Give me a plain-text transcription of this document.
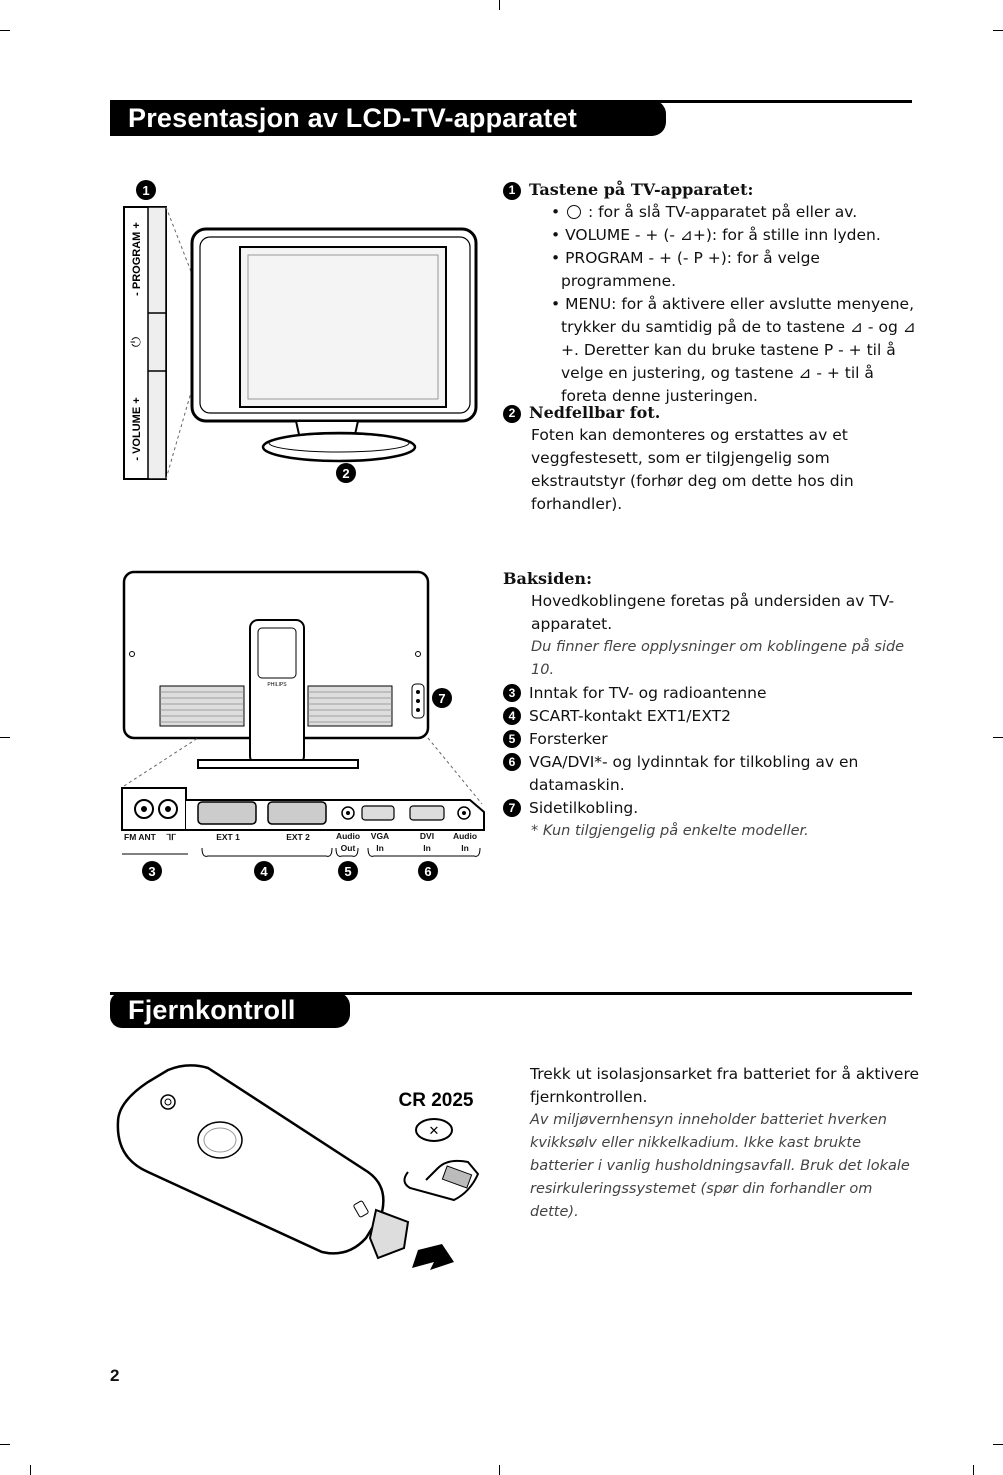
Presentasjon av LCD-TV-apparatet
1
- PROGRAM +
⏻
- VOLUME +
2
1 Tastene på TV-apparatet:
•  : for å slå TV-apparatet på eller av.
• VOLUME - + (- ⊿+): for å stille inn lyden.
• PROGRAM - + (- P +): for å velge programmene.
• MENU: for å aktivere eller avslutte menyene, trykker du samtidig på de to tastene ⊿ - og ⊿ +. Deretter kan du bruke tastene P - + til å velge en justering, og tastene ⊿ - + til å foreta denne justeringen.
2 Nedfellbar fot.
Foten kan demonteres og erstattes av et veggfestesett, som er tilgjengelig som ekstrautstyr (forhør deg om dette hos din forhandler).
PHILIPS
7
FM ANT ᒣᒥ	EXT 1	EXT 2	Audio
Out
VGA
In
DVI
In
Audio
In
3	4	5	6
Baksiden:
Hovedkoblingene foretas på undersiden av TV-apparatet.
Du finner flere opplysninger om koblingene på side 10.
3 Inntak for TV- og radioantenne
4 SCART-kontakt EXT1/EXT2
5 Forsterker
6 VGA/DVI*- og lydinntak for tilkobling av en datamaskin.
7 Sidetilkobling.
* Kun tilgjengelig på enkelte modeller.
Fjernkontroll
CR 2025
✕
Trekk ut isolasjonsarket fra batteriet for å aktivere fjernkontrollen.
Av miljøvernhensyn inneholder batteriet hverken kvikksølv eller nikkelkadium. Ikke kast brukte batterier i vanlig husholdningsavfall. Bruk det lokale resirkuleringssystemet (spør din forhandler om dette).
2
